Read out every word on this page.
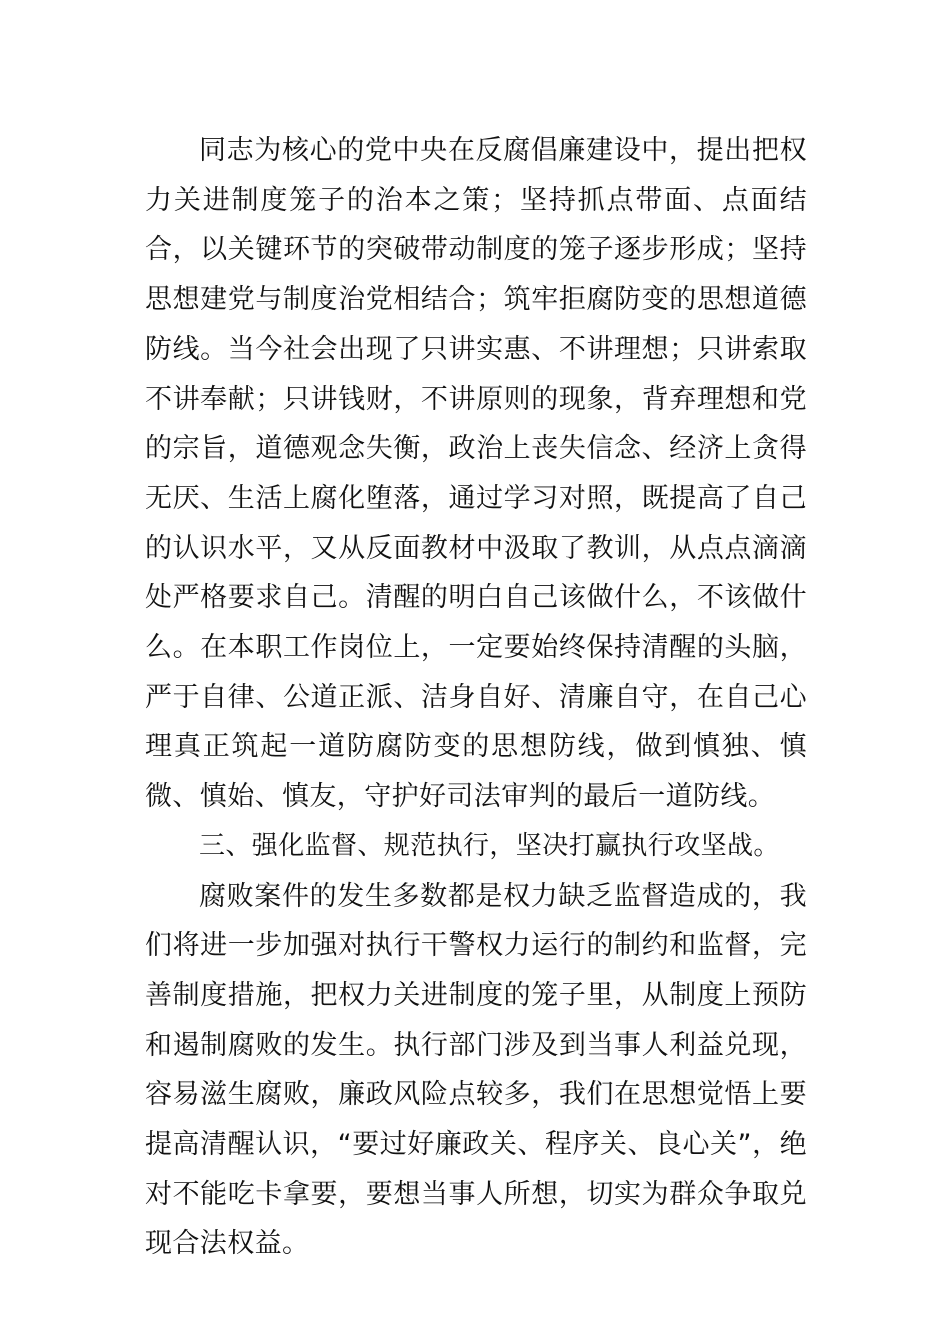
同志为核心的党中央在反腐倡廉建设中，提出把权力关进制度笼子的治本之策；坚持抓点带面、点面结合，以关键环节的突破带动制度的笼子逐步形成；坚持思想建党与制度治党相结合；筑牢拒腐防变的思想道德防线。当今社会出现了只讲实惠、不讲理想；只讲索取不讲奉献；只讲钱财，不讲原则的现象，背弃理想和党的宗旨，道德观念失衡，政治上丧失信念、经济上贪得无厌、生活上腐化堕落，通过学习对照，既提高了自己的认识水平，又从反面教材中汲取了教训，从点点滴滴处严格要求自己。清醒的明白自己该做什么，不该做什么。在本职工作岗位上，一定要始终保持清醒的头脑，严于自律、公道正派、洁身自好、清廉自守，在自己心理真正筑起一道防腐防变的思想防线，做到慎独、慎微、慎始、慎友，守护好司法审判的最后一道防线。

三、强化监督、规范执行，坚决打赢执行攻坚战。

腐败案件的发生多数都是权力缺乏监督造成的，我们将进一步加强对执行干警权力运行的制约和监督，完善制度措施，把权力关进制度的笼子里，从制度上预防和遏制腐败的发生。执行部门涉及到当事人利益兑现，容易滋生腐败，廉政风险点较多，我们在思想觉悟上要提高清醒认识，“要过好廉政关、程序关、良心关”，绝对不能吃卡拿要，要想当事人所想，切实为群众争取兑现合法权益。
